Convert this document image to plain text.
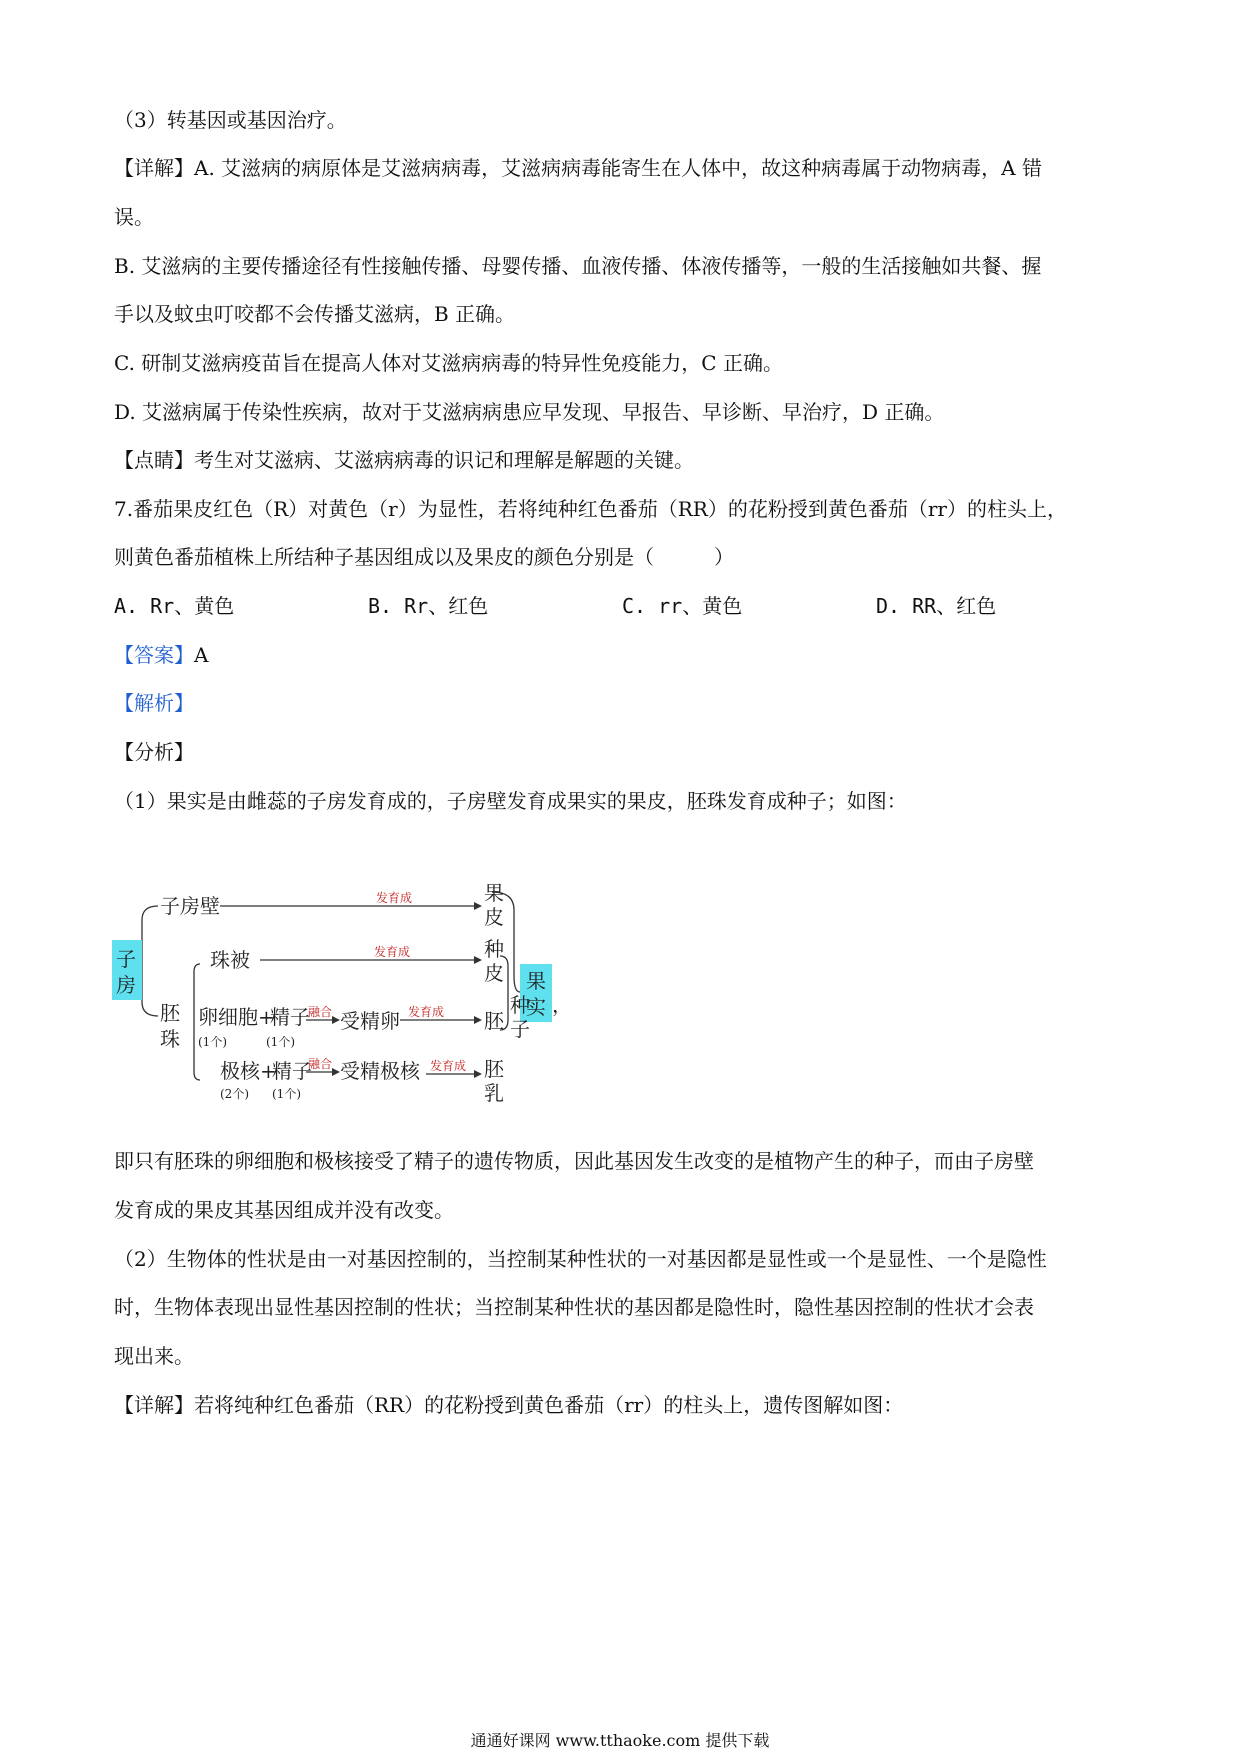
（3）转基因或基因治疗。
【详解】A. 艾滋病的病原体是艾滋病病毒，艾滋病病毒能寄生在人体中，故这种病毒属于动物病毒，A 错
误。
B. 艾滋病的主要传播途径有性接触传播、母婴传播、血液传播、体液传播等，一般的生活接触如共餐、握
手以及蚊虫叮咬都不会传播艾滋病，B 正确。
C. 研制艾滋病疫苗旨在提高人体对艾滋病病毒的特异性免疫能力，C 正确。
D. 艾滋病属于传染性疾病，故对于艾滋病病患应早发现、早报告、早诊断、早治疗，D 正确。
【点睛】考生对艾滋病、艾滋病病毒的识记和理解是解题的关键。
7.番茄果皮红色（R）对黄色（r）为显性，若将纯种红色番茄（RR）的花粉授到黄色番茄（rr）的柱头上，
则黄色番茄植株上所结种子基因组成以及果皮的颜色分别是（　　　）
A. Rr、黄色	B. Rr、红色	C. rr、黄色	D. RR、红色
【答案】A
【解析】
【分析】
（1）果实是由雌蕊的子房发育成的，子房壁发育成果实的果皮，胚珠发育成种子；如图：
子
房
子房壁
珠被
胚
珠
卵细胞 +
精子 受精卵
极核 +
精子 受精极核
果
皮
种
皮
胚
胚
乳
种
子
果
实 ，
(1个)	(1个)
(2个) (1个)
发育成
发育成
融合	发育成
融合	发育成
即只有胚珠的卵细胞和极核接受了精子的遗传物质，因此基因发生改变的是植物产生的种子，而由子房壁
发育成的果皮其基因组成并没有改变。
（2）生物体的性状是由一对基因控制的，当控制某种性状的一对基因都是显性或一个是显性、一个是隐性
时，生物体表现出显性基因控制的性状；当控制某种性状的基因都是隐性时，隐性基因控制的性状才会表
现出来。
【详解】若将纯种红色番茄（RR）的花粉授到黄色番茄（rr）的柱头上，遗传图解如图：
通通好课网 www.tthaoke.com 提供下载
